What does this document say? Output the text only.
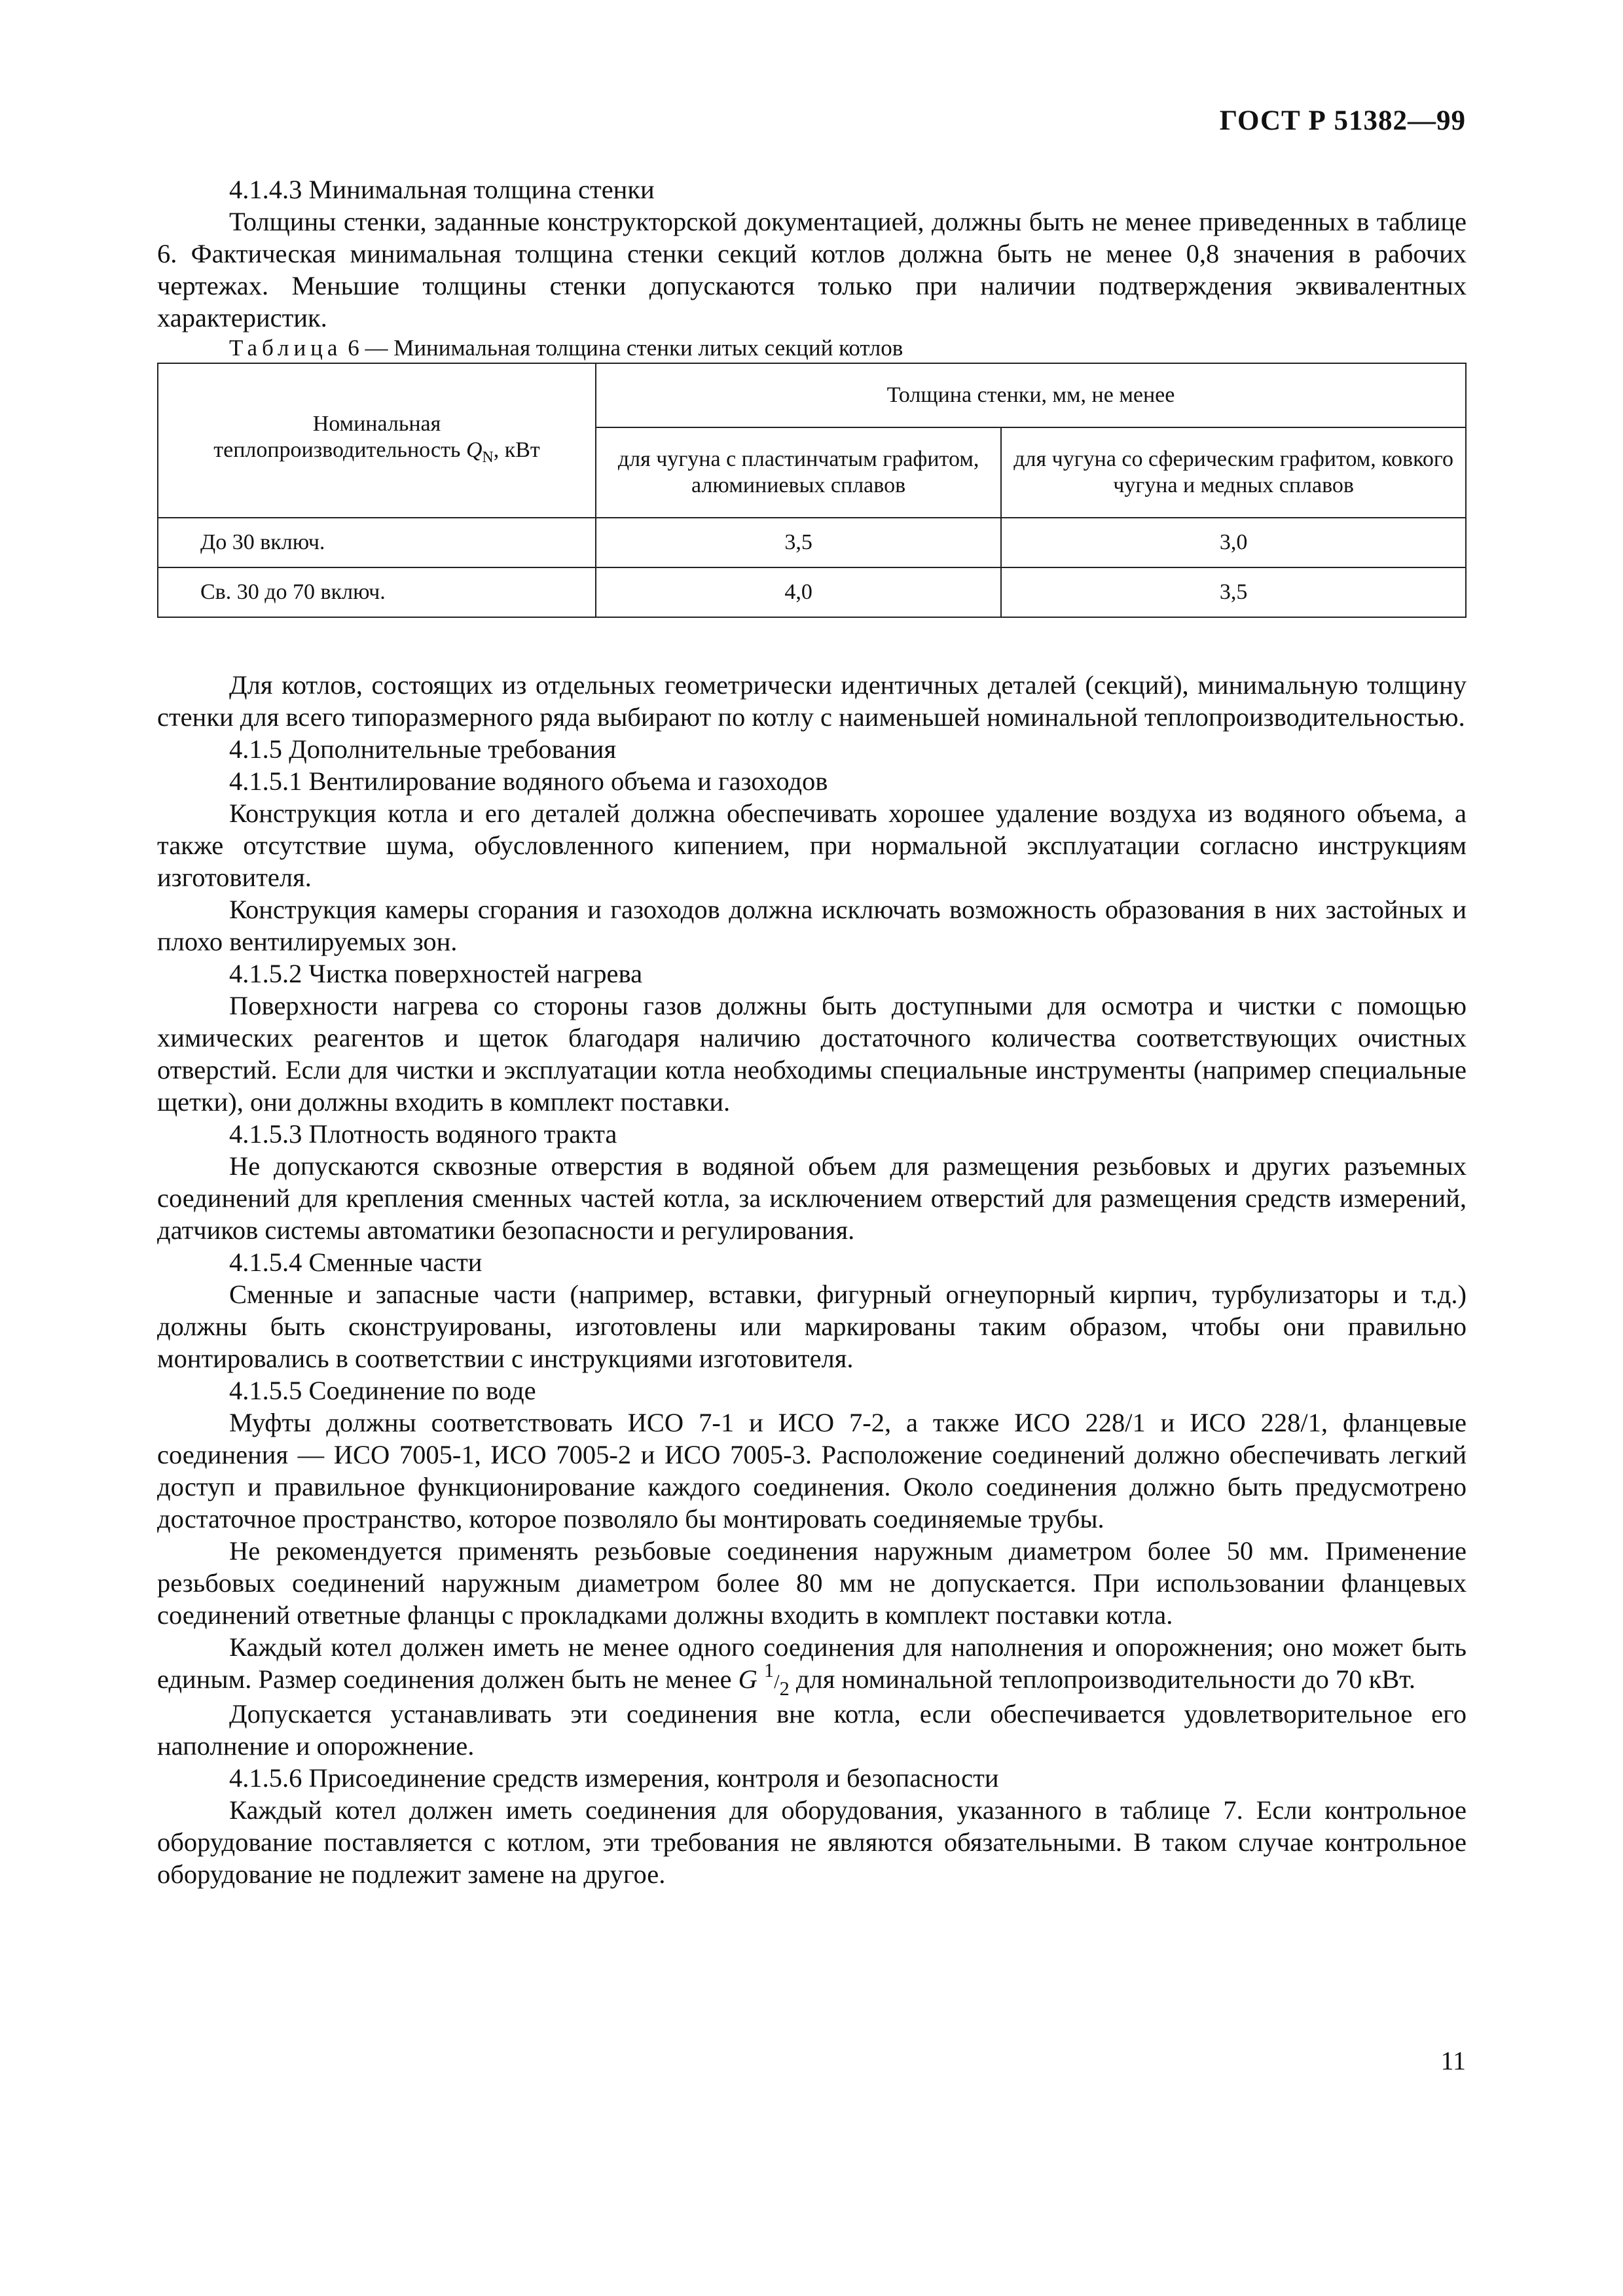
ГОСТ Р 51382—99

4.1.4.3 Минимальная толщина стенки

Толщины стенки, заданные конструкторской документацией, должны быть не менее приведенных в таблице 6. Фактическая минимальная толщина стенки секций котлов должна быть не менее 0,8 значения в рабочих чертежах. Меньшие толщины стенки допускаются только при наличии подтверждения эквивалентных характеристик.

Таблица 6 — Минимальная толщина стенки литых секций котлов

Номинальная
теплопроизводительность $Q_N$, кВт	Толщина стенки, мм, не менее	
	для чугуна с пластинчатым графитом, алюминиевых сплавов	для чугуна со сферическим графитом, ковкого чугуна и медных сплавов
До 30 включ.	3,5	3,0
Св. 30 до 70 включ.	4,0	3,5

Для котлов, состоящих из отдельных геометрически идентичных деталей (секций), минимальную толщину стенки для всего типоразмерного ряда выбирают по котлу с наименьшей номинальной теплопроизводительностью.

4.1.5 Дополнительные требования

4.1.5.1 Вентилирование водяного объема и газоходов

Конструкция котла и его деталей должна обеспечивать хорошее удаление воздуха из водяного объема, а также отсутствие шума, обусловленного кипением, при нормальной эксплуатации согласно инструкциям изготовителя.

Конструкция камеры сгорания и газоходов должна исключать возможность образования в них застойных и плохо вентилируемых зон.

4.1.5.2 Чистка поверхностей нагрева

Поверхности нагрева со стороны газов должны быть доступными для осмотра и чистки с помощью химических реагентов и щеток благодаря наличию достаточного количества соответствующих очистных отверстий. Если для чистки и эксплуатации котла необходимы специальные инструменты (например специальные щетки), они должны входить в комплект поставки.

4.1.5.3 Плотность водяного тракта

Не допускаются сквозные отверстия в водяной объем для размещения резьбовых и других разъемных соединений для крепления сменных частей котла, за исключением отверстий для размещения средств измерений, датчиков системы автоматики безопасности и регулирования.

4.1.5.4 Сменные части

Сменные и запасные части (например, вставки, фигурный огнеупорный кирпич, турбулизаторы и т.д.) должны быть сконструированы, изготовлены или маркированы таким образом, чтобы они правильно монтировались в соответствии с инструкциями изготовителя.

4.1.5.5 Соединение по воде

Муфты должны соответствовать ИСО 7-1 и ИСО 7-2, а также ИСО 228/1 и ИСО 228/1, фланцевые соединения — ИСО 7005-1, ИСО 7005-2 и ИСО 7005-3. Расположение соединений должно обеспечивать легкий доступ и правильное функционирование каждого соединения. Около соединения должно быть предусмотрено достаточное пространство, которое позволяло бы монтировать соединяемые трубы.

Не рекомендуется применять резьбовые соединения наружным диаметром более 50 мм. Применение резьбовых соединений наружным диаметром более 80 мм не допускается. При использовании фланцевых соединений ответные фланцы с прокладками должны входить в комплект поставки котла.

Каждый котел должен иметь не менее одного соединения для наполнения и опорожнения; оно может быть единым. Размер соединения должен быть не менее G 1/2 для номинальной теплопроизводительности до 70 кВт.

Допускается устанавливать эти соединения вне котла, если обеспечивается удовлетворительное его наполнение и опорожнение.

4.1.5.6 Присоединение средств измерения, контроля и безопасности

Каждый котел должен иметь соединения для оборудования, указанного в таблице 7. Если контрольное оборудование поставляется с котлом, эти требования не являются обязательными. В таком случае контрольное оборудование не подлежит замене на другое.

11
